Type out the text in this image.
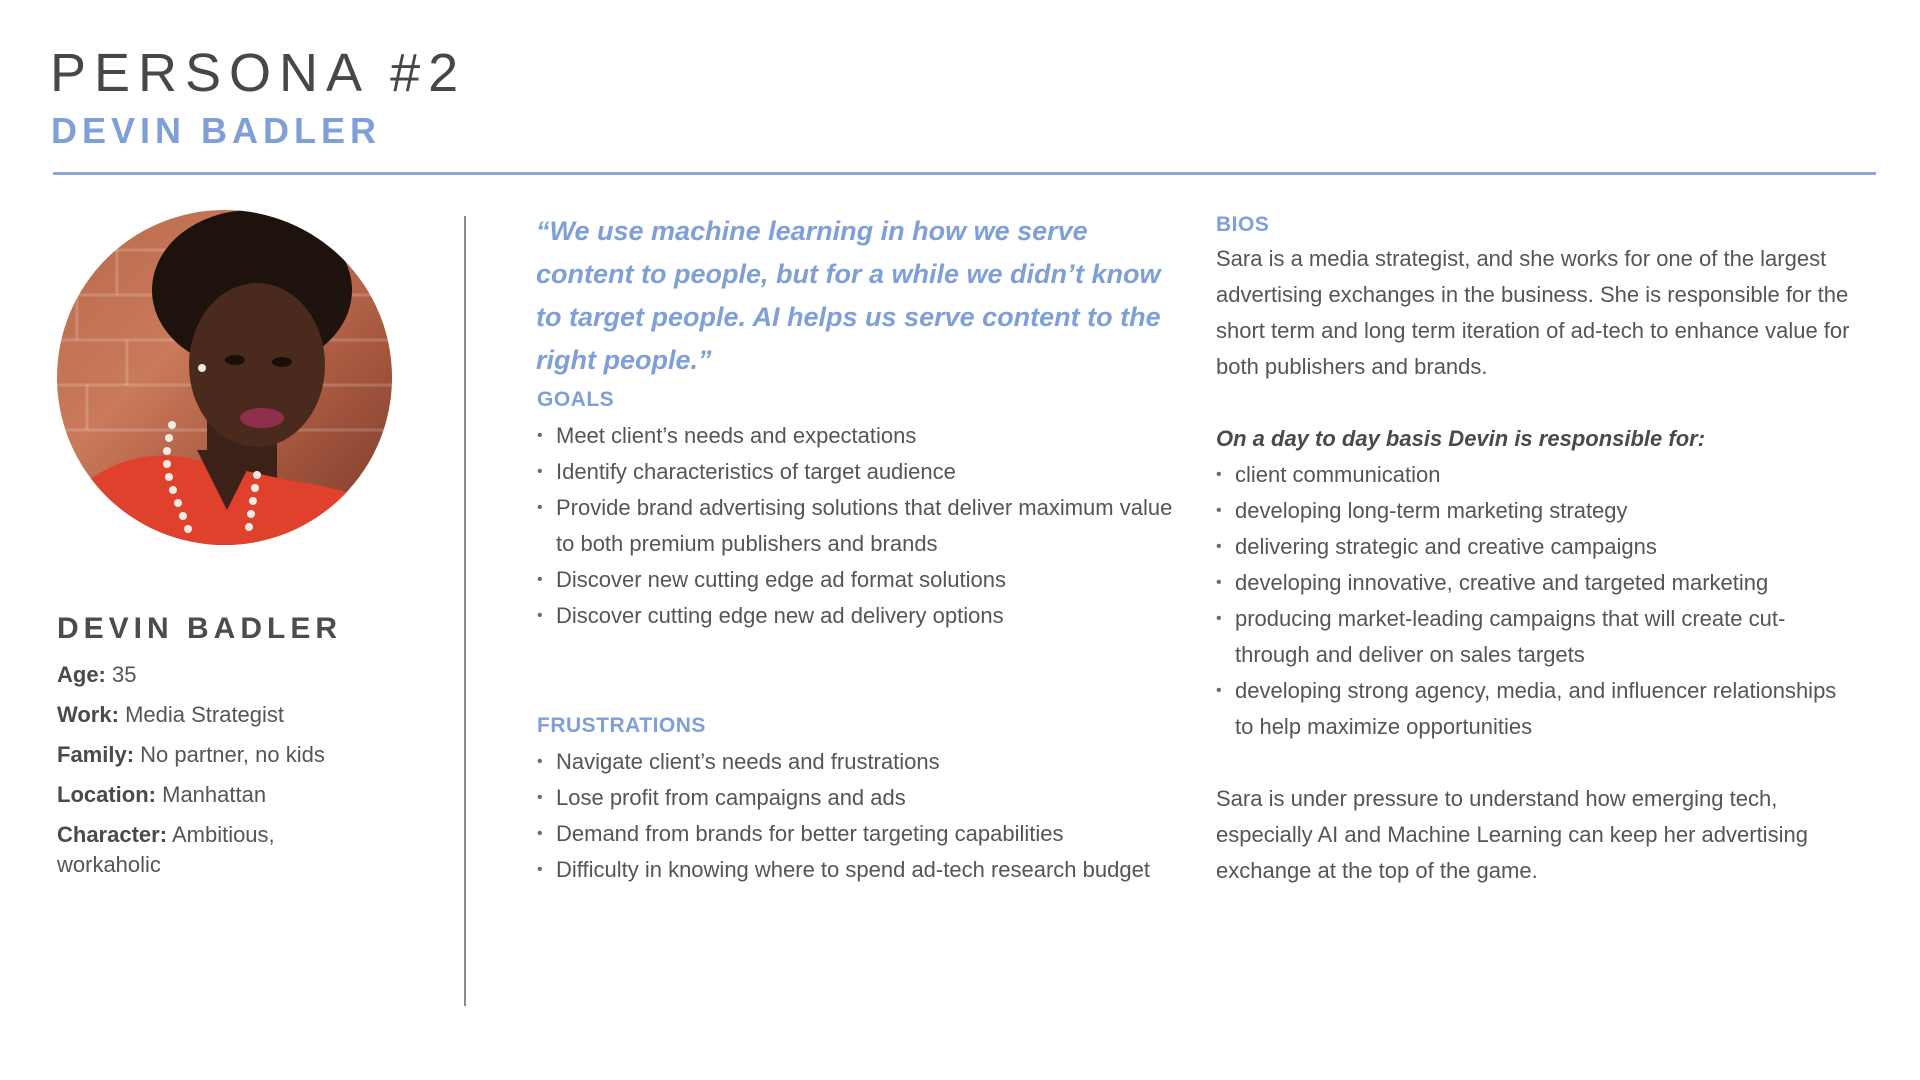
PERSONA #2
DEVIN BADLER
DEVIN BADLER
Age: 35
Work: Media Strategist
Family: No partner, no kids
Location: Manhattan
Character: Ambitious, workaholic
“We use machine learning in how we serve content to people, but for a while we didn’t know to target people. AI helps us serve content to the right people.”
GOALS
• Meet client’s needs and expectations
• Identify characteristics of target audience
• Provide brand advertising solutions that deliver maximum value to both premium publishers and brands
• Discover new cutting edge ad format solutions
• Discover cutting edge new ad delivery options
FRUSTRATIONS
• Navigate client’s needs and frustrations
• Lose profit from campaigns and ads
• Demand from brands for better targeting capabilities
• Difficulty in knowing where to spend ad-tech research budget
BIOS

Sara is a media strategist, and she works for one of the largest advertising exchanges in the business. She is responsible for the short term and long term iteration of ad-tech to enhance value for both publishers and brands.

On a day to day basis Devin is responsible for:
• client communication
• developing long-term marketing strategy
• delivering strategic and creative campaigns
• developing innovative, creative and targeted marketing
• producing market-leading campaigns that will create cut-through and deliver on sales targets
• developing strong agency, media, and influencer relationships to help maximize opportunities

Sara is under pressure to understand how emerging tech, especially AI and Machine Learning can keep her advertising exchange at the top of the game.
